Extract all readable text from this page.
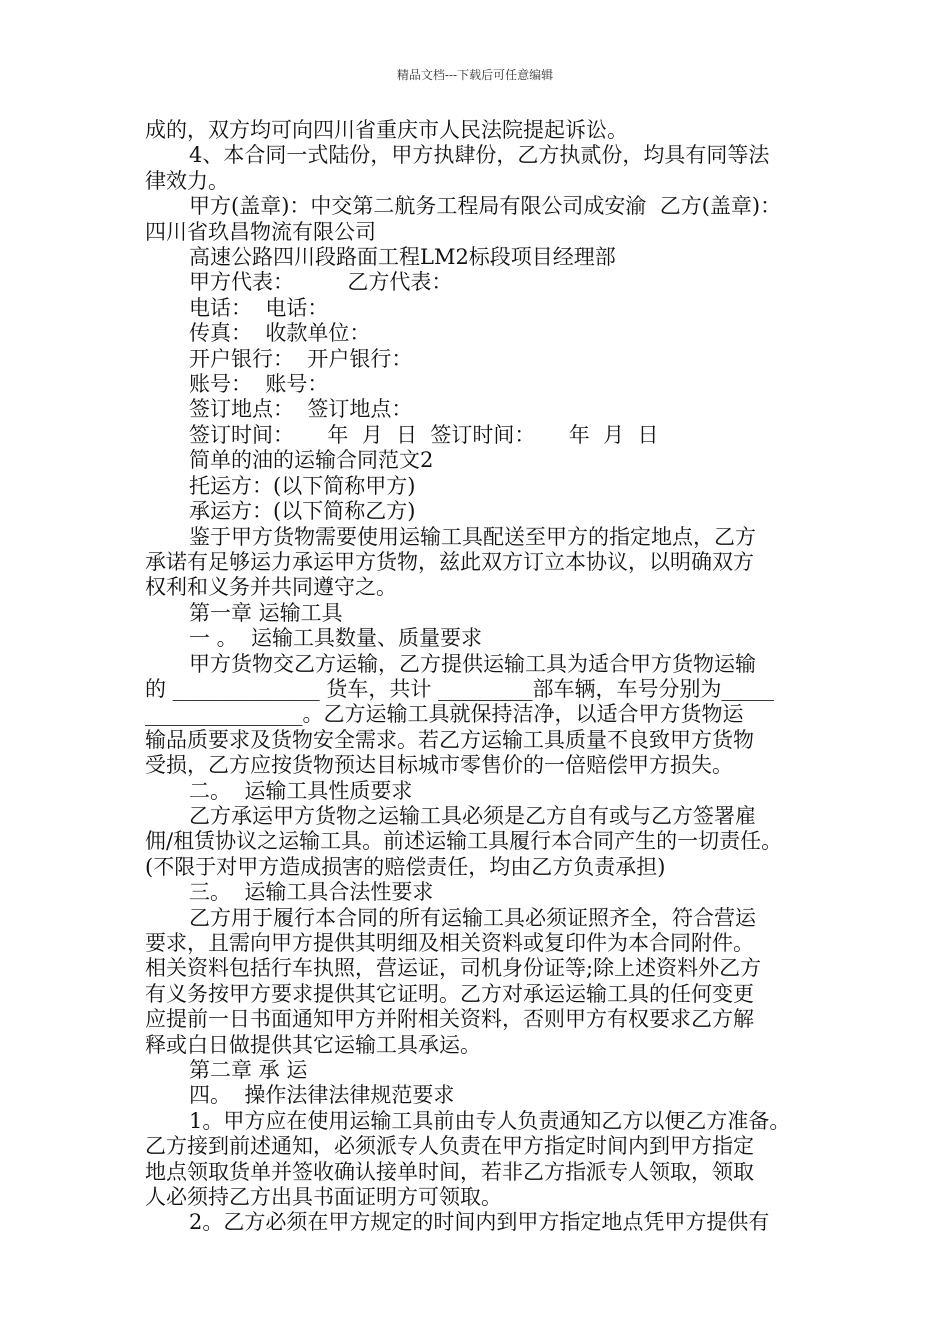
精品文档---下载后可任意编辑

成的，双方均可向四川省重庆市人民法院提起诉讼。

4、本合同一式陆份，甲方执肆份，乙方执贰份，均具有同等法

律效力。

甲方(盖章)：中交第二航务工程局有限公司成安渝  乙方(盖章)：

四川省玖昌物流有限公司

高速公路四川段路面工程LM2标段项目经理部

甲方代表：        乙方代表：

电话：  电话：

传真：  收款单位：

开户银行：  开户银行：

账号：  账号：

签订地点：  签订地点：

签订时间：     年  月  日  签订时间：     年  月  日

简单的油的运输合同范文2

托运方：(以下简称甲方)

承运方：(以下简称乙方)

鉴于甲方货物需要使用运输工具配送至甲方的指定地点，乙方

承诺有足够运力承运甲方货物，兹此双方订立本协议，以明确双方

权利和义务并共同遵守之。

第一章 运输工具

一 。  运输工具数量、质量要求

甲方货物交乙方运输，乙方提供运输工具为适合甲方货物运输

的 ______________ 货车，共计 _________部车辆，车号分别为_____

_______________。乙方运输工具就保持洁净，以适合甲方货物运

输品质要求及货物安全需求。若乙方运输工具质量不良致甲方货物

受损，乙方应按货物预达目标城市零售价的一倍赔偿甲方损失。

二。  运输工具性质要求

乙方承运甲方货物之运输工具必须是乙方自有或与乙方签署雇

佣/租赁协议之运输工具。前述运输工具履行本合同产生的一切责任。

(不限于对甲方造成损害的赔偿责任，均由乙方负责承担)

三。  运输工具合法性要求

乙方用于履行本合同的所有运输工具必须证照齐全，符合营运

要求，且需向甲方提供其明细及相关资料或复印件为本合同附件。

相关资料包括行车执照，营运证，司机身份证等;除上述资料外乙方

有义务按甲方要求提供其它证明。乙方对承运运输工具的任何变更

应提前一日书面通知甲方并附相关资料，否则甲方有权要求乙方解

释或白日做提供其它运输工具承运。

第二章 承 运

四。  操作法律法律规范要求

1。甲方应在使用运输工具前由专人负责通知乙方以便乙方准备。

乙方接到前述通知，必须派专人负责在甲方指定时间内到甲方指定

地点领取货单并签收确认接单时间，若非乙方指派专人领取，领取

人必须持乙方出具书面证明方可领取。

2。乙方必须在甲方规定的时间内到甲方指定地点凭甲方提供有
